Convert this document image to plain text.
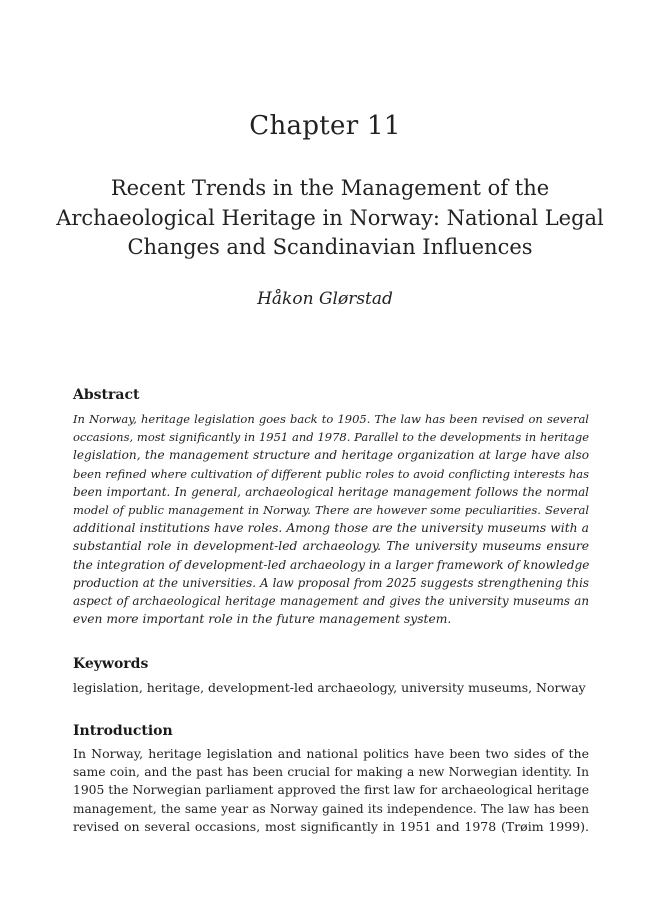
Chapter 11
Recent Trends in the Management of the
Archaeological Heritage in Norway: National Legal
Changes and Scandinavian Influences
Håkon Glørstad
Abstract
In Norway, heritage legislation goes back to 1905. The law has been revised on several
occasions, most significantly in 1951 and 1978. Parallel to the developments in heritage
legislation, the management structure and heritage organization at large have also
been refined where cultivation of different public roles to avoid conflicting interests has
been important. In general, archaeological heritage management follows the normal
model of public management in Norway. There are however some peculiarities. Several
additional institutions have roles. Among those are the university museums with a
substantial role in development-led archaeology. The university museums ensure
the integration of development-led archaeology in a larger framework of knowledge
production at the universities. A law proposal from 2025 suggests strengthening this
aspect of archaeological heritage management and gives the university museums an
even more important role in the future management system.
Keywords
legislation, heritage, development-led archaeology, university museums, Norway
Introduction
In Norway, heritage legislation and national politics have been two sides of the
same coin, and the past has been crucial for making a new Norwegian identity. In
1905 the Norwegian parliament approved the first law for archaeological heritage
management, the same year as Norway gained its independence. The law has been
revised on several occasions, most significantly in 1951 and 1978 (Trøim 1999).
